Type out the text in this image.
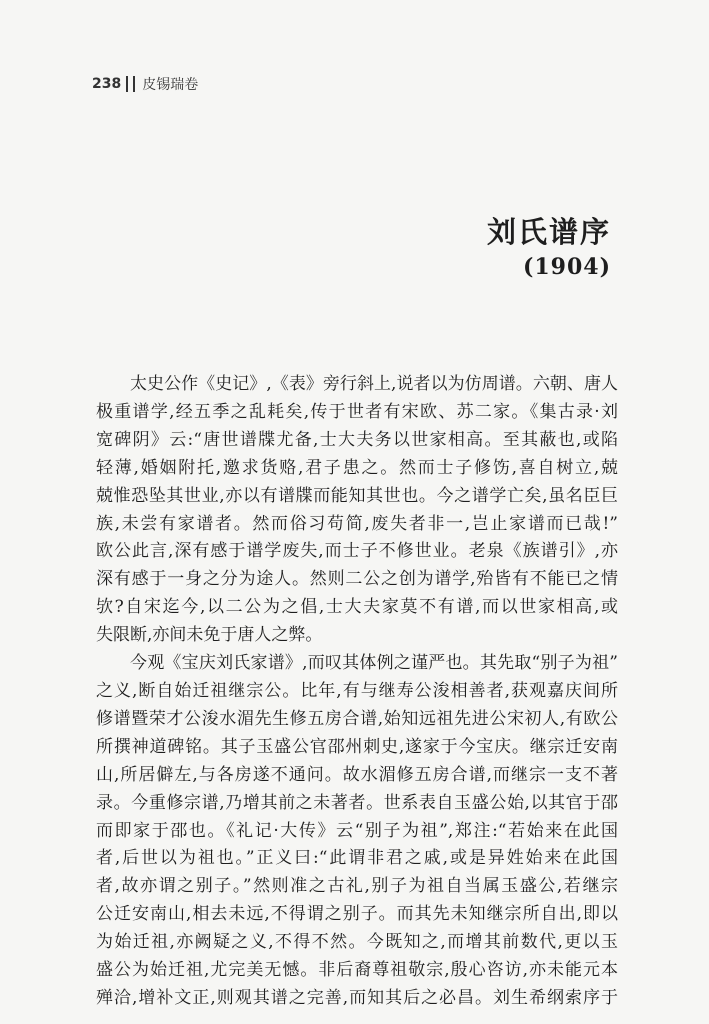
238 皮锡瑞卷
刘氏谱序
(1904)
太史公作《史记》,《表》旁行斜上,说者以为仿周谱。六朝、唐人
极重谱学,经五季之乱耗矣,传于世者有宋欧、苏二家。《集古录·刘
宽碑阴》云:“唐世谱牒尤备,士大夫务以世家相高。至其蔽也,或陷
轻薄,婚姻附托,邀求货赂,君子患之。然而士子修饬,喜自树立,兢
兢惟恐坠其世业,亦以有谱牒而能知其世也。今之谱学亡矣,虽名臣巨
族,未尝有家谱者。然而俗习苟简,废失者非一,岂止家谱而已哉!”
欧公此言,深有感于谱学废失,而士子不修世业。老泉《族谱引》,亦
深有感于一身之分为途人。然则二公之创为谱学,殆皆有不能已之情
欤?自宋迄今,以二公为之倡,士大夫家莫不有谱,而以世家相高,或
失限断,亦间未免于唐人之弊。
今观《宝庆刘氏家谱》,而叹其体例之谨严也。其先取“别子为祖”
之义,断自始迁祖继宗公。比年,有与继寿公浚相善者,获观嘉庆间所
修谱暨荣才公浚水湄先生修五房合谱,始知远祖先进公宋初人,有欧公
所撰神道碑铭。其子玉盛公官邵州刺史,遂家于今宝庆。继宗迁安南
山,所居僻左,与各房遂不通问。故水湄修五房合谱,而继宗一支不著
录。今重修宗谱,乃增其前之未著者。世系表自玉盛公始,以其官于邵
而即家于邵也。《礼记·大传》云“别子为祖”,郑注:“若始来在此国
者,后世以为祖也。”正义曰:“此谓非君之戚,或是异姓始来在此国
者,故亦谓之别子。”然则准之古礼,别子为祖自当属玉盛公,若继宗
公迁安南山,相去未远,不得谓之别子。而其先未知继宗所自出,即以
为始迁祖,亦阙疑之义,不得不然。今既知之,而增其前数代,更以玉
盛公为始迁祖,尤完美无憾。非后裔尊祖敬宗,殷心咨访,亦未能元本
殚洽,增补文正,则观其谱之完善,而知其后之必昌。刘生希纲索序于
